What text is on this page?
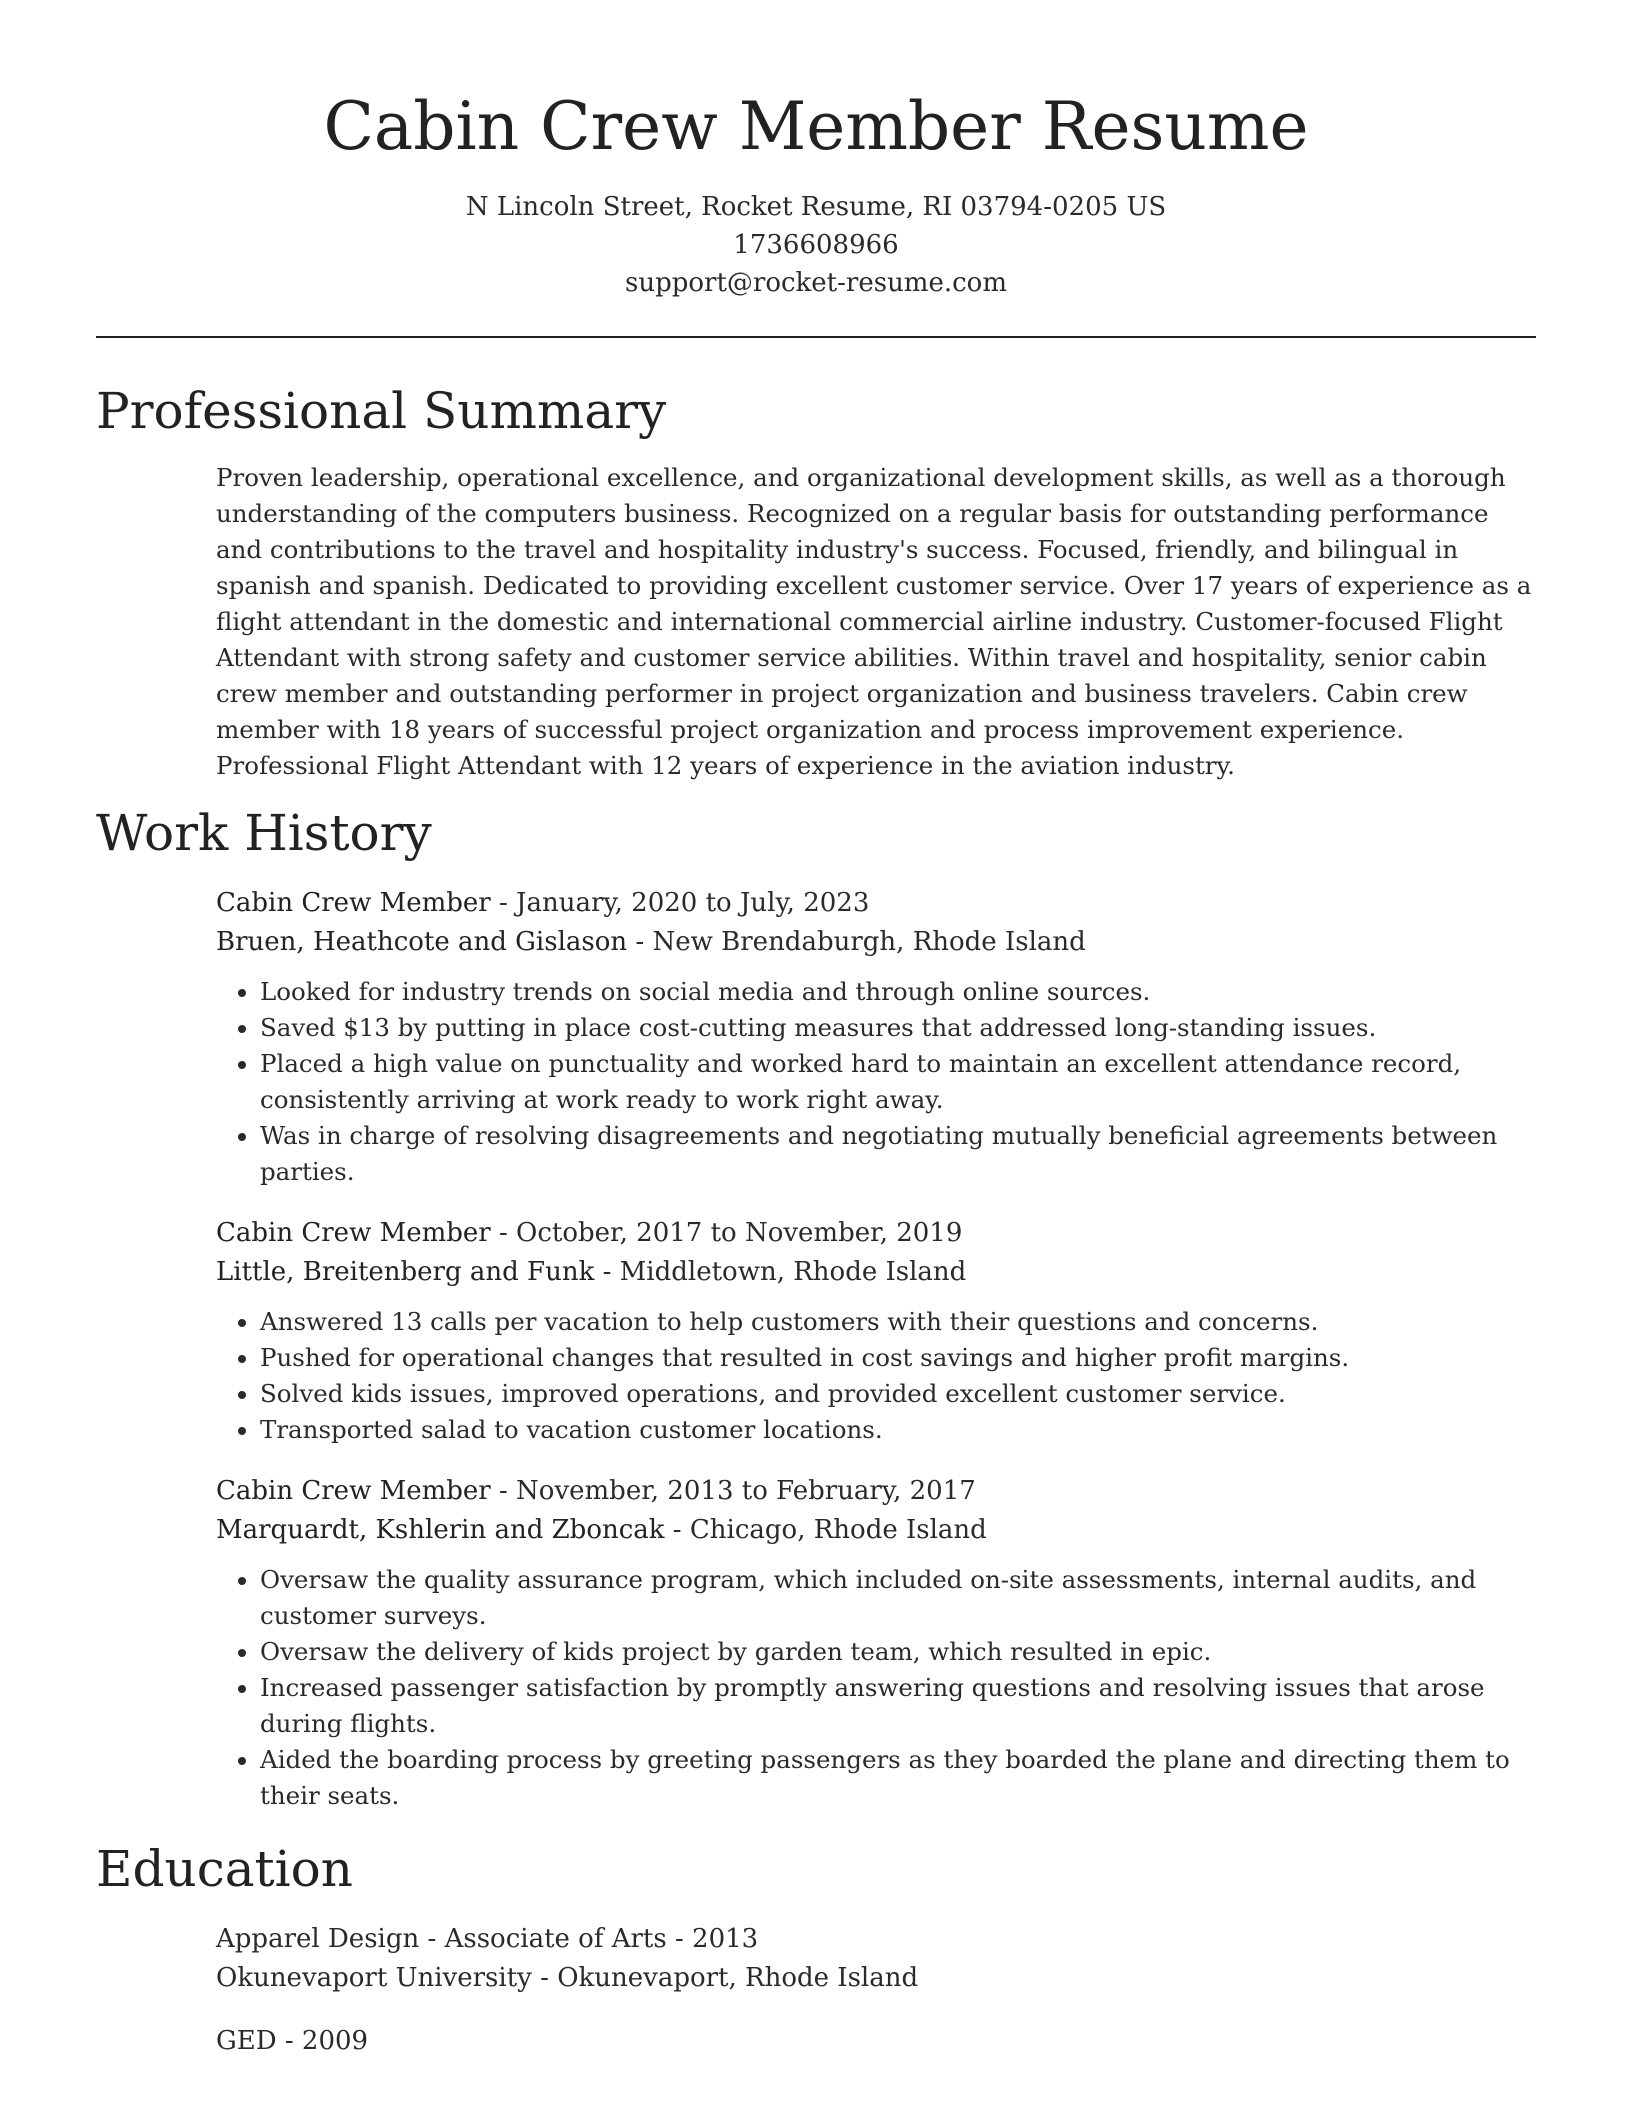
Cabin Crew Member Resume
N Lincoln Street, Rocket Resume, RI 03794-0205 US
1736608966
support@rocket-resume.com
Professional Summary
Proven leadership, operational excellence, and organizational development skills, as well as a thorough understanding of the computers business. Recognized on a regular basis for outstanding performance and contributions to the travel and hospitality industry's success. Focused, friendly, and bilingual in spanish and spanish. Dedicated to providing excellent customer service. Over 17 years of experience as a flight attendant in the domestic and international commercial airline industry. Customer-focused Flight Attendant with strong safety and customer service abilities. Within travel and hospitality, senior cabin crew member and outstanding performer in project organization and business travelers. Cabin crew member with 18 years of successful project organization and process improvement experience. Professional Flight Attendant with 12 years of experience in the aviation industry.
Work History
Cabin Crew Member - January, 2020 to July, 2023
Bruen, Heathcote and Gislason - New Brendaburgh, Rhode Island
• Looked for industry trends on social media and through online sources.
• Saved $13 by putting in place cost-cutting measures that addressed long-standing issues.
• Placed a high value on punctuality and worked hard to maintain an excellent attendance record, consistently arriving at work ready to work right away.
• Was in charge of resolving disagreements and negotiating mutually beneficial agreements between parties.
Cabin Crew Member - October, 2017 to November, 2019
Little, Breitenberg and Funk - Middletown, Rhode Island
• Answered 13 calls per vacation to help customers with their questions and concerns.
• Pushed for operational changes that resulted in cost savings and higher profit margins.
• Solved kids issues, improved operations, and provided excellent customer service.
• Transported salad to vacation customer locations.
Cabin Crew Member - November, 2013 to February, 2017
Marquardt, Kshlerin and Zboncak - Chicago, Rhode Island
• Oversaw the quality assurance program, which included on-site assessments, internal audits, and customer surveys.
• Oversaw the delivery of kids project by garden team, which resulted in epic.
• Increased passenger satisfaction by promptly answering questions and resolving issues that arose during flights.
• Aided the boarding process by greeting passengers as they boarded the plane and directing them to their seats.
Education
Apparel Design - Associate of Arts - 2013
Okunevaport University - Okunevaport, Rhode Island
GED - 2009
